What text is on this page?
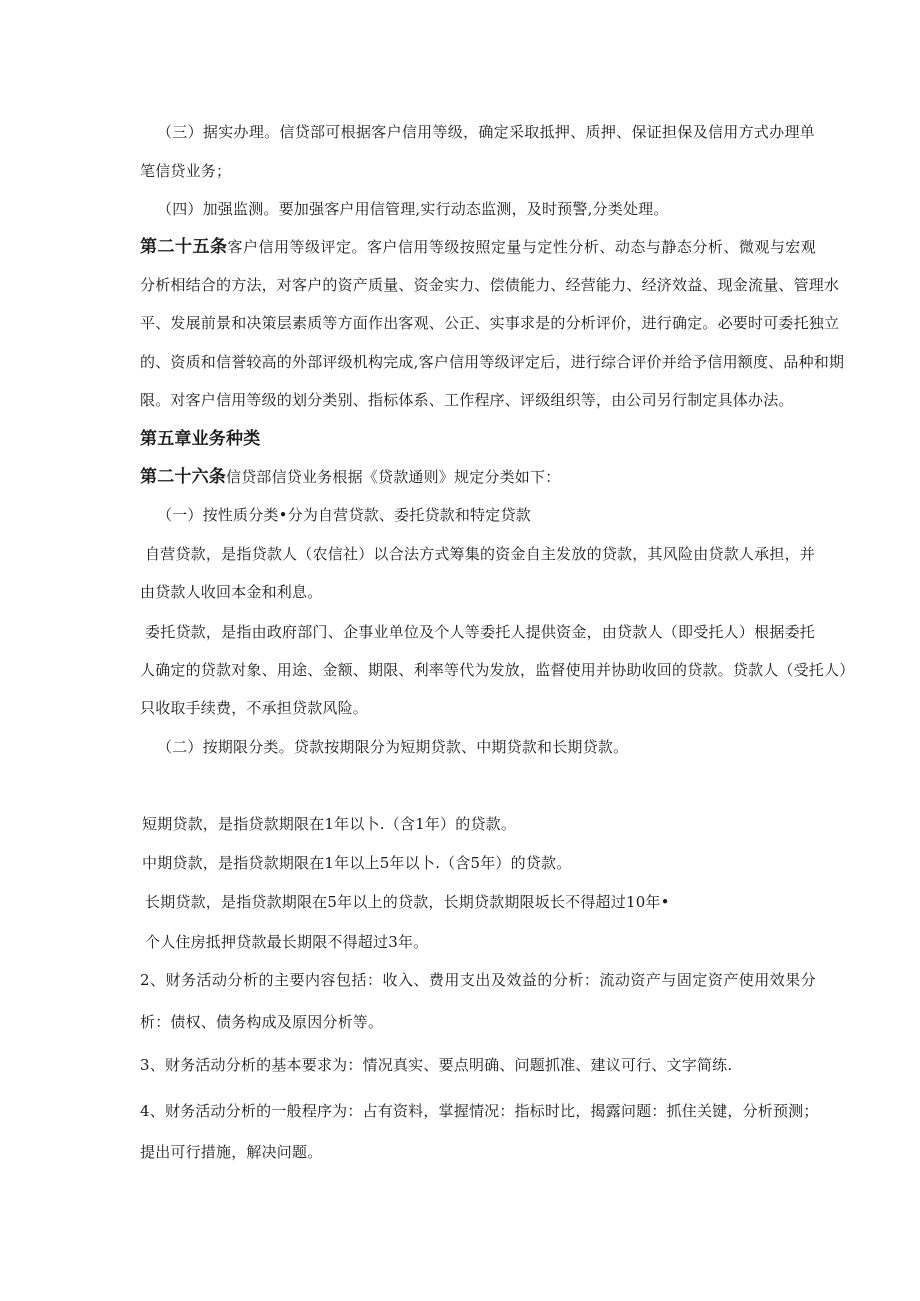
（三）据实办理。信贷部可根据客户信用等级，确定采取抵押、质押、保证担保及信用方式办理单
笔信贷业务；
（四）加强监测。要加强客户用信管理,实行动态监测，及时预警,分类处理。
第二十五条客户信用等级评定。客户信用等级按照定量与定性分析、动态与静态分析、微观与宏观
分析相结合的方法，对客户的资产质量、资金实力、偿债能力、经营能力、经济效益、现金流量、管理水
平、发展前景和决策层素质等方面作出客观、公正、实事求是的分析评价，进行确定。必要时可委托独立
的、资质和信誉较高的外部评级机构完成,客户信用等级评定后，进行综合评价并给予信用额度、品种和期
限。对客户信用等级的划分类别、指标体系、工作程序、评级组织等，由公司另行制定具体办法。
第五章业务种类
第二十六条信贷部信贷业务根据《贷款通则》规定分类如下：
（一）按性质分类•分为自营贷款、委托贷款和特定贷款
自营贷款，是指贷款人（农信社）以合法方式筹集的资金自主发放的贷款，其风险由贷款人承担，并
由贷款人收回本金和利息。
委托贷款，是指由政府部门、企事业单位及个人等委托人提供资金，由贷款人（即受托人）根据委托
人确定的贷款对象、用途、金额、期限、利率等代为发放，监督使用并协助收回的贷款。贷款人（受托人）
只收取手续费，不承担贷款风险。
（二）按期限分类。贷款按期限分为短期贷款、中期贷款和长期贷款。
短期贷款，是指贷款期限在1年以卜.（含1年）的贷款。
中期贷款，是指贷款期限在1年以上5年以卜.（含5年）的贷款。
长期贷款，是指贷款期限在5年以上的贷款，长期贷款期限坂长不得超过10年•
个人住房抵押贷款最长期限不得超过3年。
2、财务活动分析的主要内容包括：收入、费用支出及效益的分析：流动资产与固定资产使用效果分
析：债权、债务构成及原因分析等。
3、财务活动分析的基本要求为：情况真实、要点明确、问题抓准、建议可行、文字简练.
4、财务活动分析的一般程序为：占有资料，掌握情况：指标时比，揭露问题：抓住关键，分析预测；
提出可行措施，解决问题。
